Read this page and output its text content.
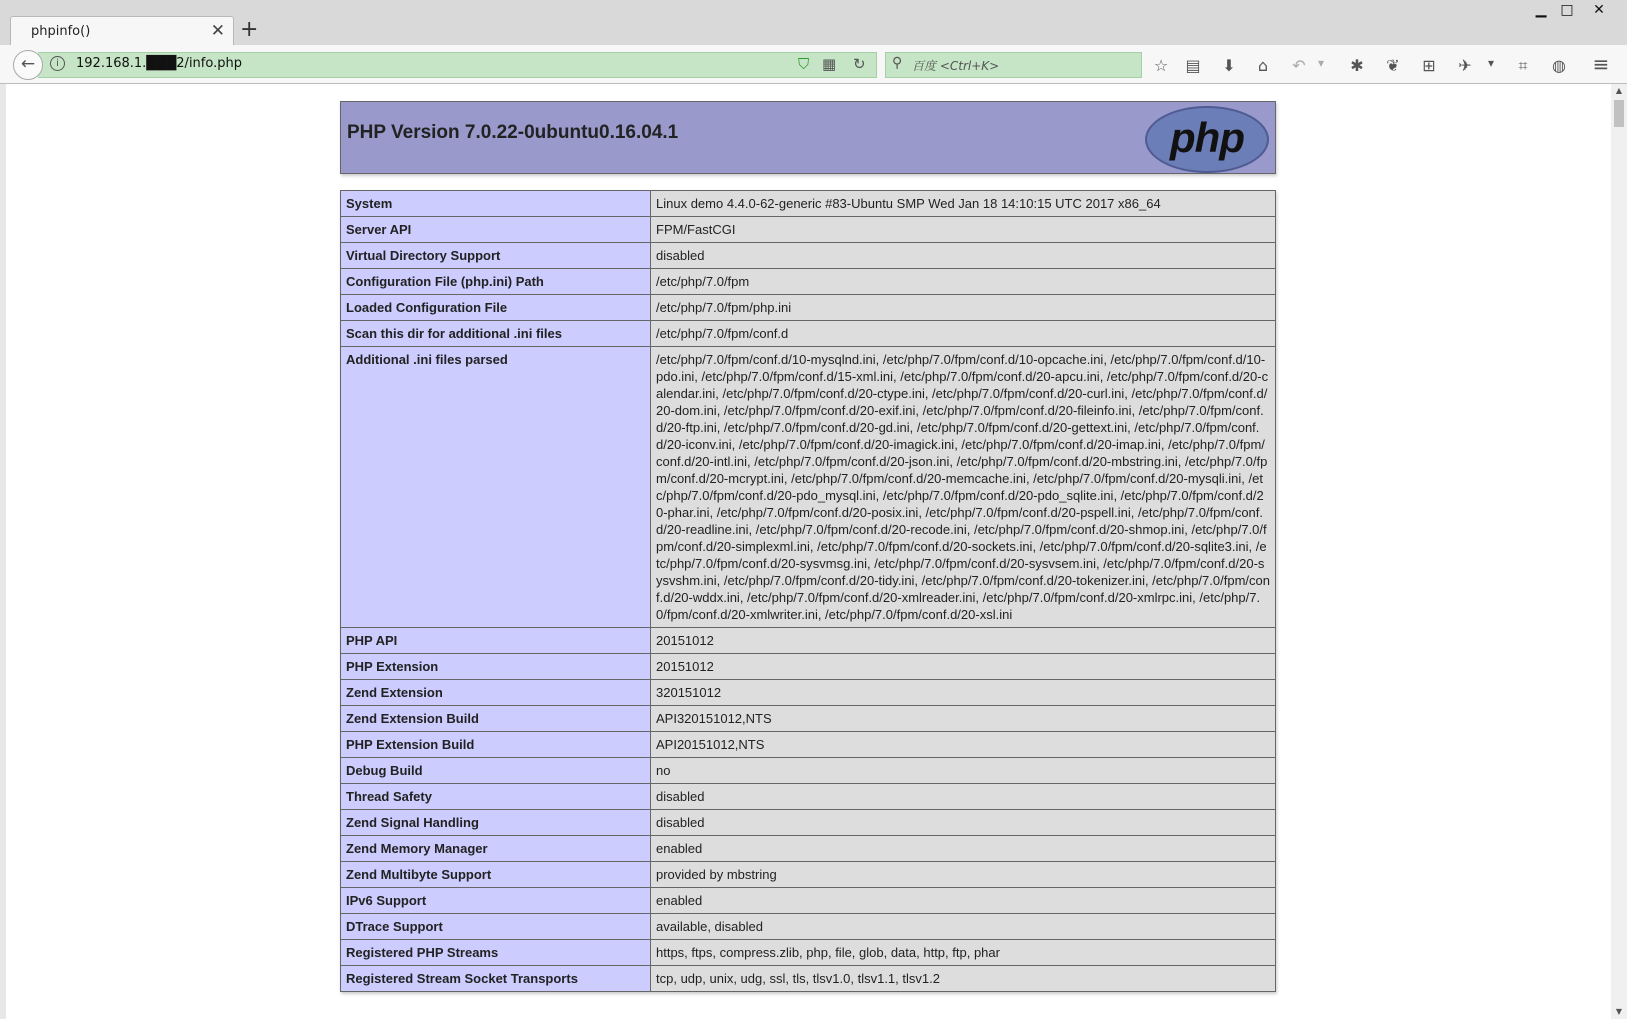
phpinfo()	✕ +
▁ □	✕
←	i	192.168.1.███2/info.php	⛉ ▦ ↻ ⚲ 百度 <Ctrl+K>	☆ ▤ ⬇	⌂	↶	▾	✱ ❦ ⊞ ✈	▾	⌗	◍ ≡
PHP Version 7.0.22-0ubuntu0.16.04.1	php
System	Linux demo 4.4.0-62-generic #83-Ubuntu SMP Wed Jan 18 14:10:15 UTC 2017 x86_64
Server API	FPM/FastCGI
Virtual Directory Support	disabled
Configuration File (php.ini) Path	/etc/php/7.0/fpm
Loaded Configuration File	/etc/php/7.0/fpm/php.ini
Scan this dir for additional .ini files	/etc/php/7.0/fpm/conf.d
Additional .ini files parsed	/etc/php/7.0/fpm/conf.d/10-mysqlnd.ini, /etc/php/7.0/fpm/conf.d/10-opcache.ini, /etc/php/7.0/fpm/conf.d/10-pdo.ini, /etc/php/7.0/fpm/conf.d/15-xml.ini, /etc/php/7.0/fpm/conf.d/20-apcu.ini, /etc/php/7.0/fpm/conf.d/20-calendar.ini, /etc/php/7.0/fpm/conf.d/20-ctype.ini, /etc/php/7.0/fpm/conf.d/20-curl.ini, /etc/php/7.0/fpm/conf.d/20-dom.ini, /etc/php/7.0/fpm/conf.d/20-exif.ini, /etc/php/7.0/fpm/conf.d/20-fileinfo.ini, /etc/php/7.0/fpm/conf.d/20-ftp.ini, /etc/php/7.0/fpm/conf.d/20-gd.ini, /etc/php/7.0/fpm/conf.d/20-gettext.ini, /etc/php/7.0/fpm/conf.d/20-iconv.ini, /etc/php/7.0/fpm/conf.d/20-imagick.ini, /etc/php/7.0/fpm/conf.d/20-imap.ini, /etc/php/7.0/fpm/conf.d/20-intl.ini, /etc/php/7.0/fpm/conf.d/20-json.ini, /etc/php/7.0/fpm/conf.d/20-mbstring.ini, /etc/php/7.0/fpm/conf.d/20-mcrypt.ini, /etc/php/7.0/fpm/conf.d/20-memcache.ini, /etc/php/7.0/fpm/conf.d/20-mysqli.ini, /etc/php/7.0/fpm/conf.d/20-pdo_mysql.ini, /etc/php/7.0/fpm/conf.d/20-pdo_sqlite.ini, /etc/php/7.0/fpm/conf.d/20-phar.ini, /etc/php/7.0/fpm/conf.d/20-posix.ini, /etc/php/7.0/fpm/conf.d/20-pspell.ini, /etc/php/7.0/fpm/conf.d/20-readline.ini, /etc/php/7.0/fpm/conf.d/20-recode.ini, /etc/php/7.0/fpm/conf.d/20-shmop.ini, /etc/php/7.0/fpm/conf.d/20-simplexml.ini, /etc/php/7.0/fpm/conf.d/20-sockets.ini, /etc/php/7.0/fpm/conf.d/20-sqlite3.ini, /etc/php/7.0/fpm/conf.d/20-sysvmsg.ini, /etc/php/7.0/fpm/conf.d/20-sysvsem.ini, /etc/php/7.0/fpm/conf.d/20-sysvshm.ini, /etc/php/7.0/fpm/conf.d/20-tidy.ini, /etc/php/7.0/fpm/conf.d/20-tokenizer.ini, /etc/php/7.0/fpm/conf.d/20-wddx.ini, /etc/php/7.0/fpm/conf.d/20-xmlreader.ini, /etc/php/7.0/fpm/conf.d/20-xmlrpc.ini, /etc/php/7.0/fpm/conf.d/20-xmlwriter.ini, /etc/php/7.0/fpm/conf.d/20-xsl.ini
PHP API	20151012
PHP Extension	20151012
Zend Extension	320151012
Zend Extension Build	API320151012,NTS
PHP Extension Build	API20151012,NTS
Debug Build	no
Thread Safety	disabled
Zend Signal Handling	disabled
Zend Memory Manager	enabled
Zend Multibyte Support	provided by mbstring
IPv6 Support	enabled
DTrace Support	available, disabled
Registered PHP Streams	https, ftps, compress.zlib, php, file, glob, data, http, ftp, phar
Registered Stream Socket Transports	tcp, udp, unix, udg, ssl, tls, tlsv1.0, tlsv1.1, tlsv1.2
▲
▼
